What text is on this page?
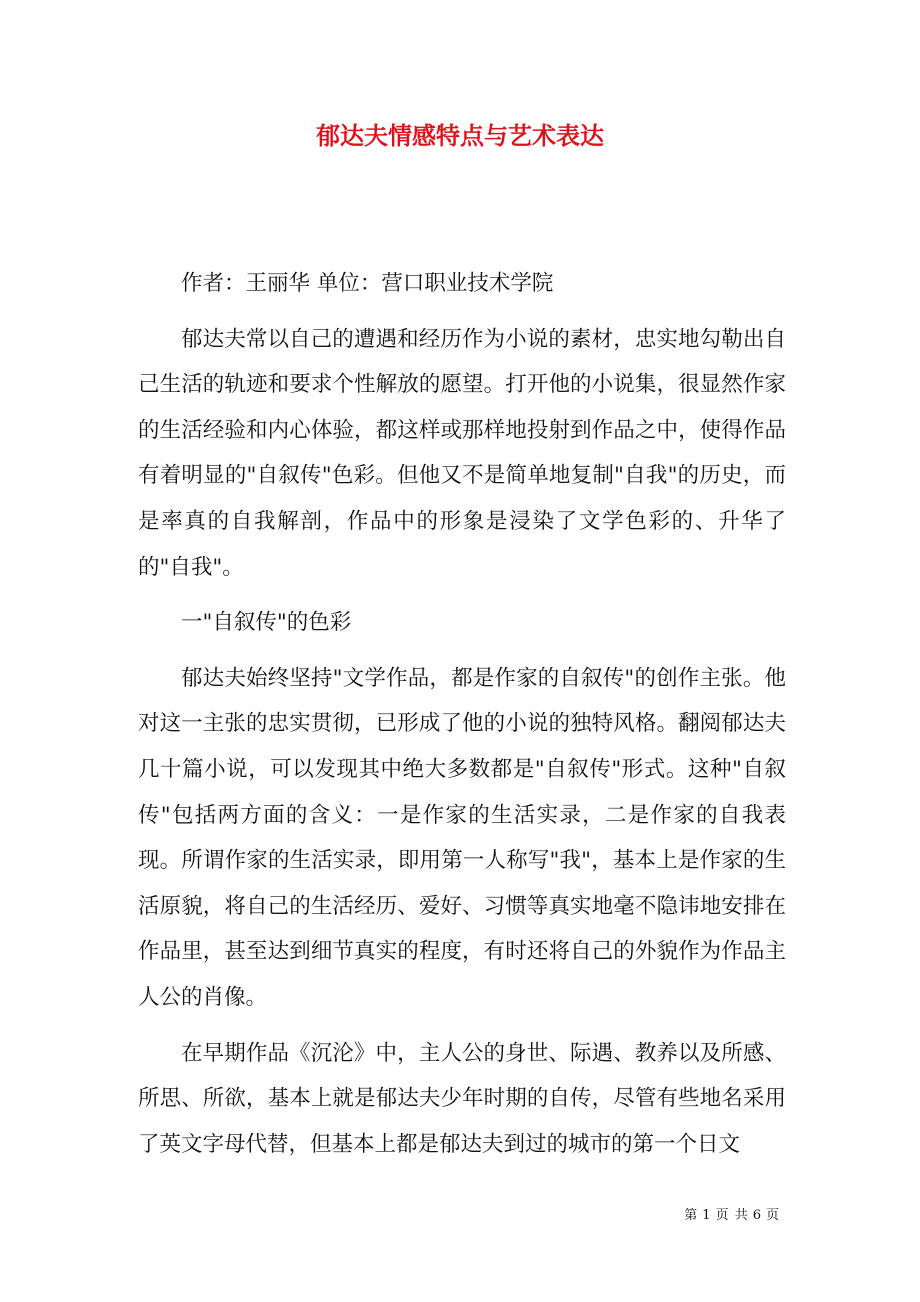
郁达夫情感特点与艺术表达

作者：王丽华 单位：营口职业技术学院

郁达夫常以自己的遭遇和经历作为小说的素材，忠实地勾勒出自己生活的轨迹和要求个性解放的愿望。打开他的小说集，很显然作家的生活经验和内心体验，都这样或那样地投射到作品之中，使得作品有着明显的"自叙传"色彩。但他又不是简单地复制"自我"的历史，而是率真的自我解剖，作品中的形象是浸染了文学色彩的、升华了的"自我"。

一"自叙传"的色彩

郁达夫始终坚持"文学作品，都是作家的自叙传"的创作主张。他对这一主张的忠实贯彻，已形成了他的小说的独特风格。翻阅郁达夫几十篇小说，可以发现其中绝大多数都是"自叙传"形式。这种"自叙传"包括两方面的含义：一是作家的生活实录，二是作家的自我表现。所谓作家的生活实录，即用第一人称写"我"，基本上是作家的生活原貌，将自己的生活经历、爱好、习惯等真实地毫不隐讳地安排在作品里，甚至达到细节真实的程度，有时还将自己的外貌作为作品主人公的肖像。

在早期作品《沉沦》中，主人公的身世、际遇、教养以及所感、所思、所欲，基本上就是郁达夫少年时期的自传，尽管有些地名采用了英文字母代替，但基本上都是郁达夫到过的城市的第一个日文

第 1 页 共 6 页
